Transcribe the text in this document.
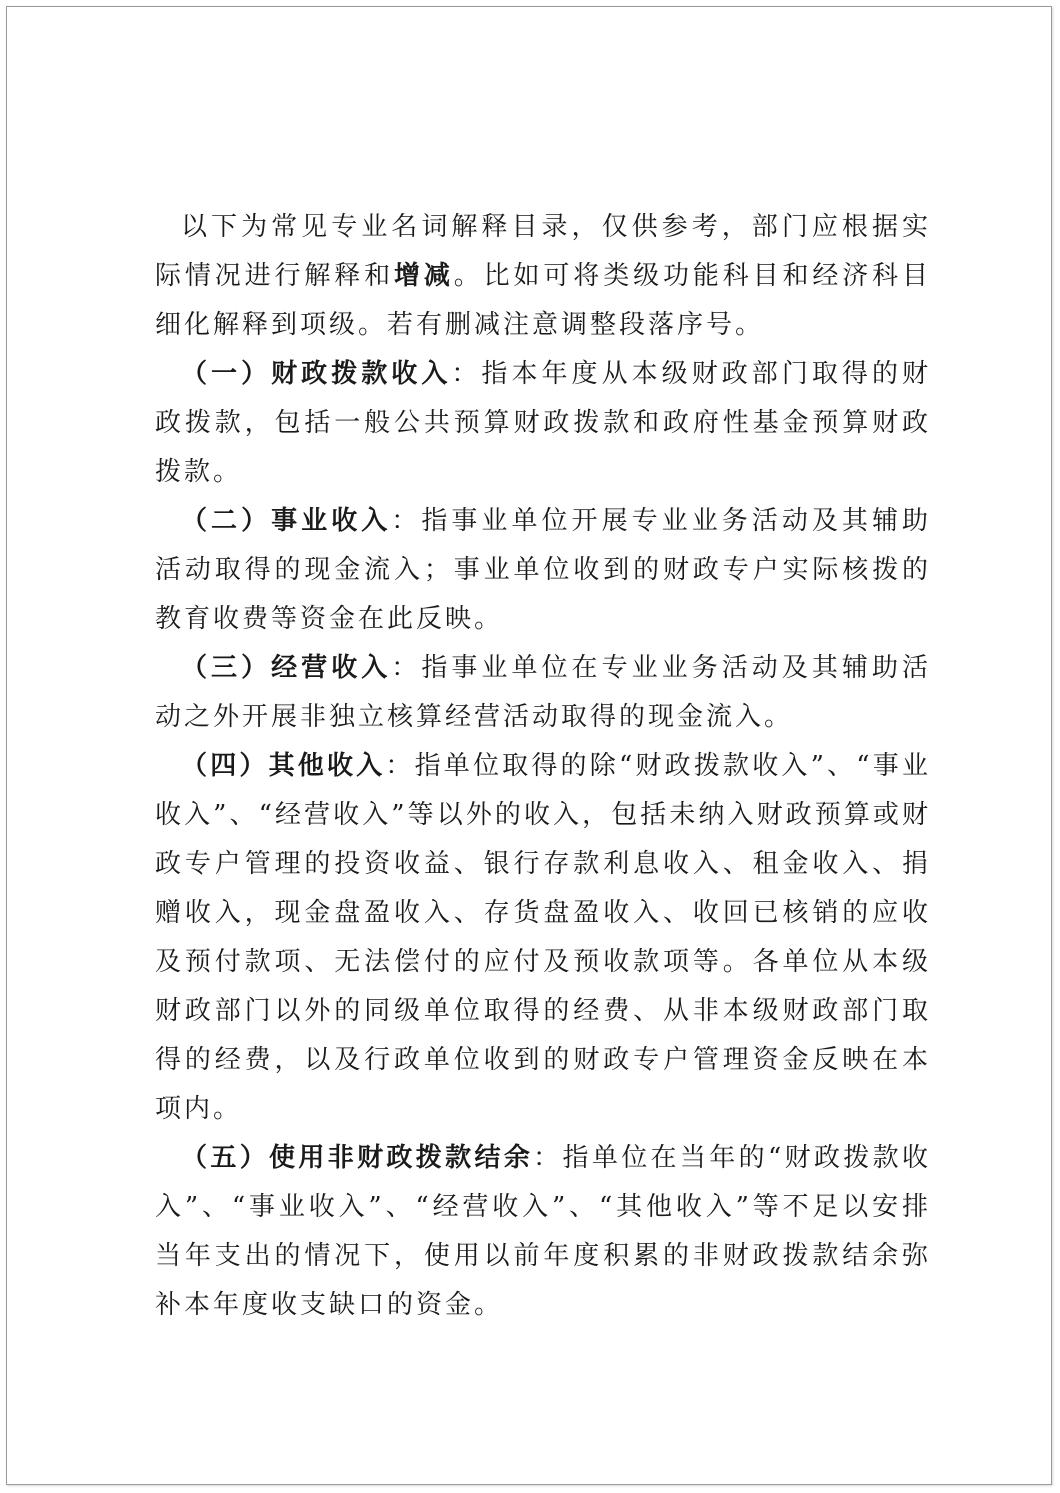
以下为常见专业名词解释目录，仅供参考，部门应根据实际情况进行解释和增减。比如可将类级功能科目和经济科目细化解释到项级。若有删减注意调整段落序号。

（一）财政拨款收入：指本年度从本级财政部门取得的财政拨款，包括一般公共预算财政拨款和政府性基金预算财政拨款。

（二）事业收入：指事业单位开展专业业务活动及其辅助活动取得的现金流入；事业单位收到的财政专户实际核拨的教育收费等资金在此反映。

（三）经营收入：指事业单位在专业业务活动及其辅助活动之外开展非独立核算经营活动取得的现金流入。

（四）其他收入：指单位取得的除“财政拨款收入”、“事业收入”、“经营收入”等以外的收入，包括未纳入财政预算或财政专户管理的投资收益、银行存款利息收入、租金收入、捐赠收入，现金盘盈收入、存货盘盈收入、收回已核销的应收及预付款项、无法偿付的应付及预收款项等。各单位从本级财政部门以外的同级单位取得的经费、从非本级财政部门取得的经费，以及行政单位收到的财政专户管理资金反映在本项内。

（五）使用非财政拨款结余：指单位在当年的“财政拨款收入”、“事业收入”、“经营收入”、“其他收入”等不足以安排当年支出的情况下，使用以前年度积累的非财政拨款结余弥补本年度收支缺口的资金。
